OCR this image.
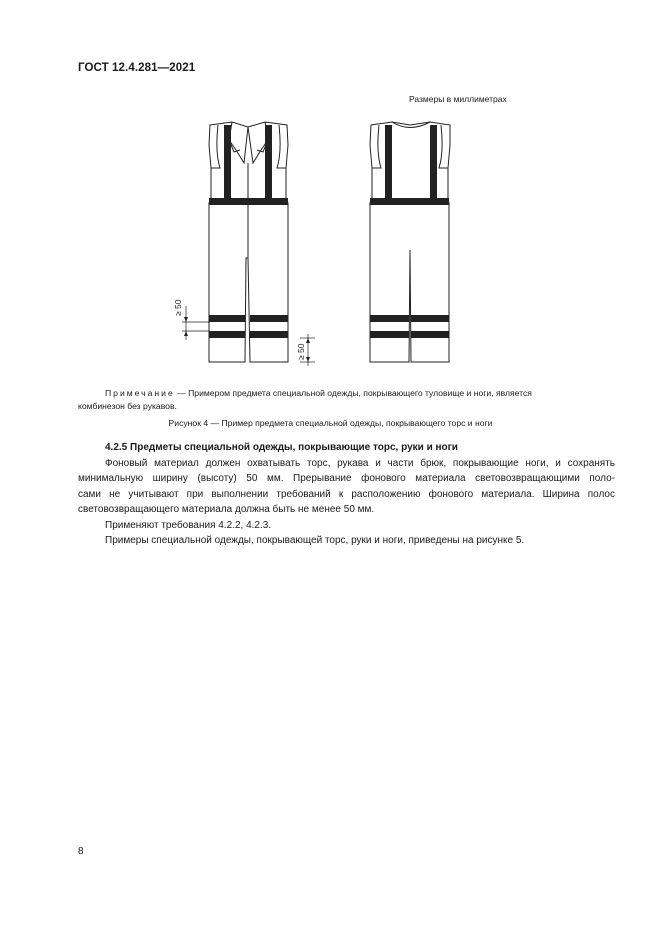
ГОСТ 12.4.281—2021
Размеры в миллиметрах
≥ 50
≥ 50
Примечание — Примером предмета специальной одежды, покрывающего туловище и ноги, является
комбинезон без рукавов.
Рисунок 4 — Пример предмета специальной одежды, покрывающего торс и ноги
4.2.5 Предметы специальной одежды, покрывающие торс, руки и ноги

Фоновый материал должен охватывать торс, рукава и части брюк, покрывающие ноги, и сохранять

минимальную ширину (высоту) 50 мм. Прерывание фонового материала световозвращающими поло-

сами не учитывают при выполнении требований к расположению фонового материала. Ширина полос

световозвращающего материала должна быть не менее 50 мм.

Применяют требования 4.2.2, 4.2.3.

Примеры специальной одежды, покрывающей торс, руки и ноги, приведены на рисунке 5.

8
